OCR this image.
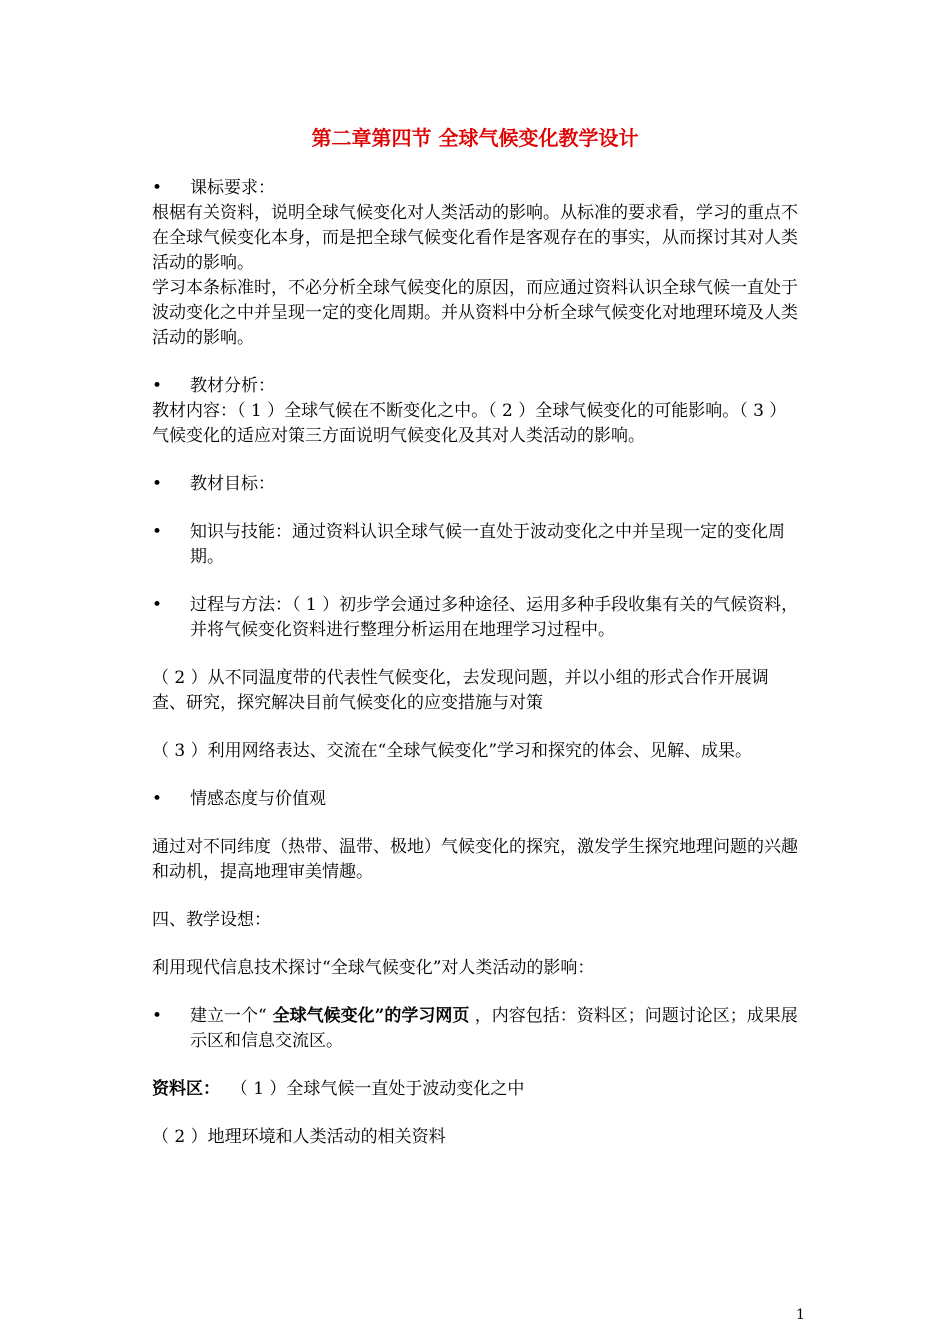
第二章第四节 全球气候变化教学设计
•	课标要求：

根椐有关资料，说明全球气候变化对人类活动的影响。从标准的要求看，学习的重点不在全球气候变化本身，而是把全球气候变化看作是客观存在的事实，从而探讨其对人类活动的影响。

学习本条标准时，不必分析全球气候变化的原因，而应通过资料认识全球气候一直处于波动变化之中并呈现一定的变化周期。并从资料中分析全球气候变化对地理环境及人类活动的影响。

•	教材分析：

教材内容：（ 1 ）全球气候在不断变化之中。（ 2 ）全球气候变化的可能影响。（ 3 ）气候变化的适应对策三方面说明气候变化及其对人类活动的影响。

•	教材目标：
•	知识与技能：通过资料认识全球气候一直处于波动变化之中并呈现一定的变化周期。
•	过程与方法：（ 1 ）初步学会通过多种途径、运用多种手段收集有关的气候资料，并将气候变化资料进行整理分析运用在地理学习过程中。

（ 2 ）从不同温度带的代表性气候变化，去发现问题，并以小组的形式合作开展调查、研究，探究解决目前气候变化的应变措施与对策

（ 3 ）利用网络表达、交流在“全球气候变化”学习和探究的体会、见解、成果。

•	情感态度与价值观

通过对不同纬度（热带、温带、极地）气候变化的探究，激发学生探究地理问题的兴趣和动机，提高地理审美情趣。

四、教学设想：

利用现代信息技术探讨“全球气候变化”对人类活动的影响：

•	建立一个“ 全球气候变化”的学习网页 ，内容包括：资料区；问题讨论区；成果展示区和信息交流区。

资料区：  （ 1 ）全球气候一直处于波动变化之中

（ 2 ）地理环境和人类活动的相关资料

1
